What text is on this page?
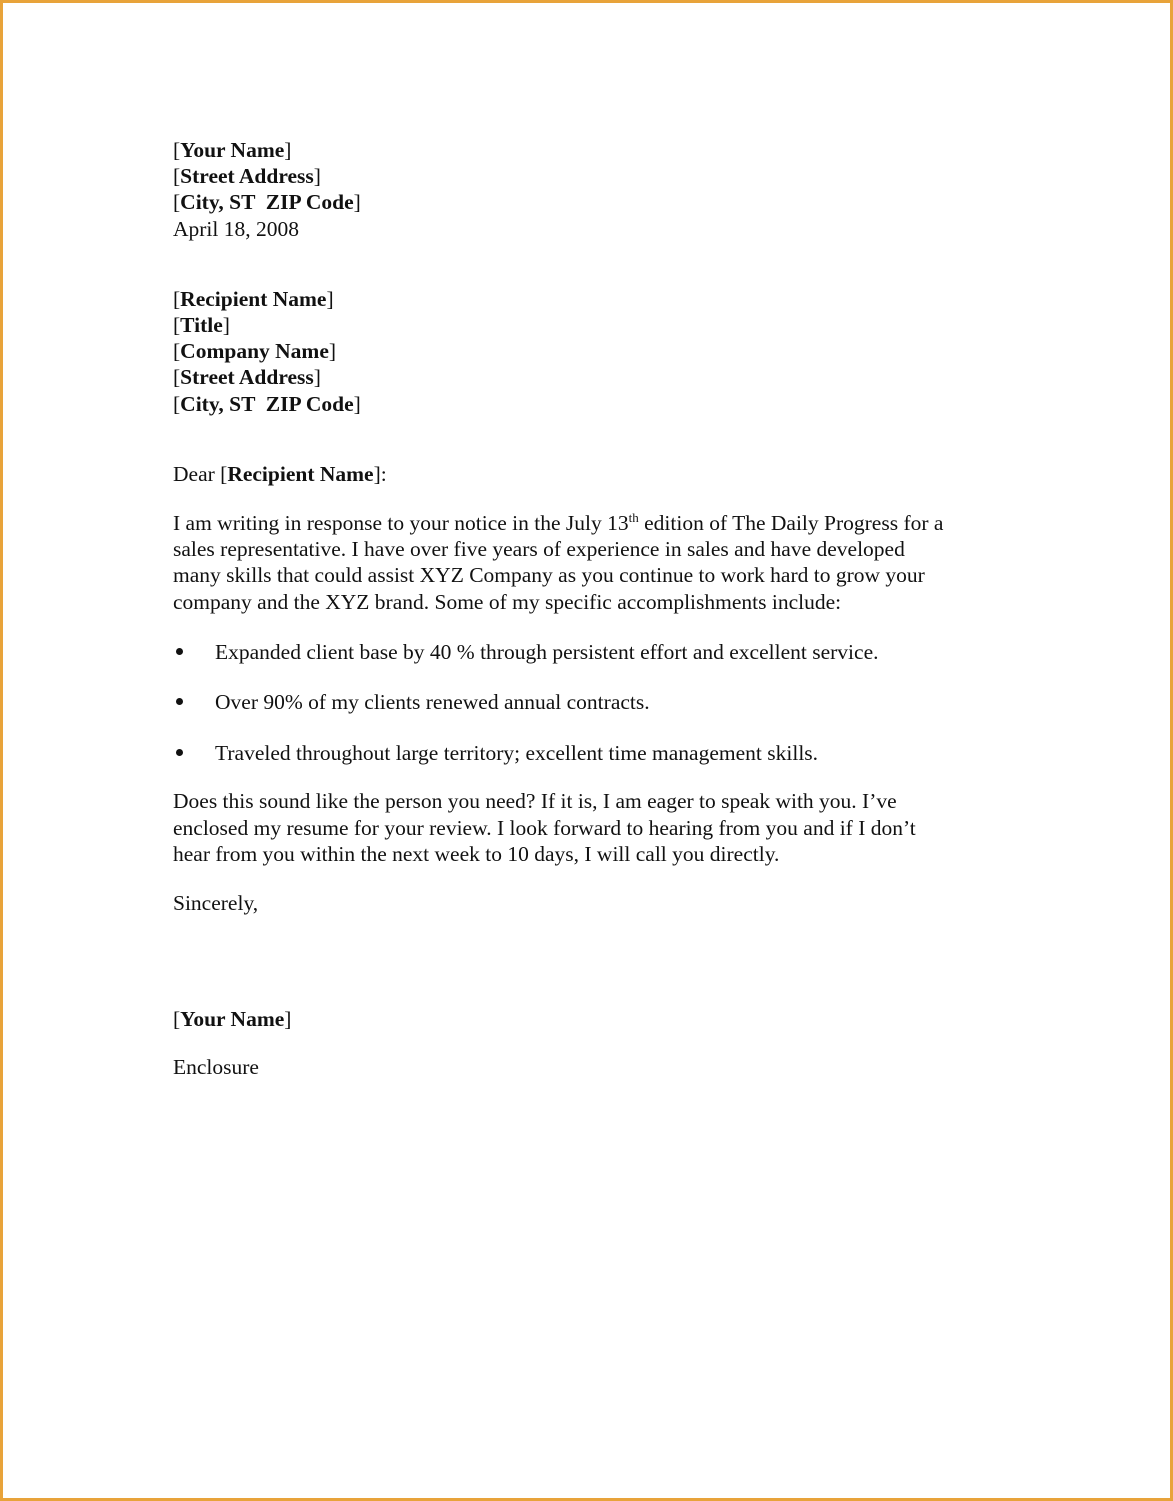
[Your Name]
[Street Address]
[City, ST  ZIP Code]
April 18, 2008
[Recipient Name]
[Title]
[Company Name]
[Street Address]
[City, ST  ZIP Code]
Dear [Recipient Name]:
I am writing in response to your notice in the July 13th edition of The Daily Progress for a
sales representative. I have over five years of experience in sales and have developed
many skills that could assist XYZ Company as you continue to work hard to grow your
company and the XYZ brand. Some of my specific accomplishments include:
Expanded client base by 40 % through persistent effort and excellent service.
Over 90% of my clients renewed annual contracts.
Traveled throughout large territory; excellent time management skills.
Does this sound like the person you need? If it is, I am eager to speak with you. I’ve
enclosed my resume for your review. I look forward to hearing from you and if I don’t
hear from you within the next week to 10 days, I will call you directly.
Sincerely,
[Your Name]
Enclosure
